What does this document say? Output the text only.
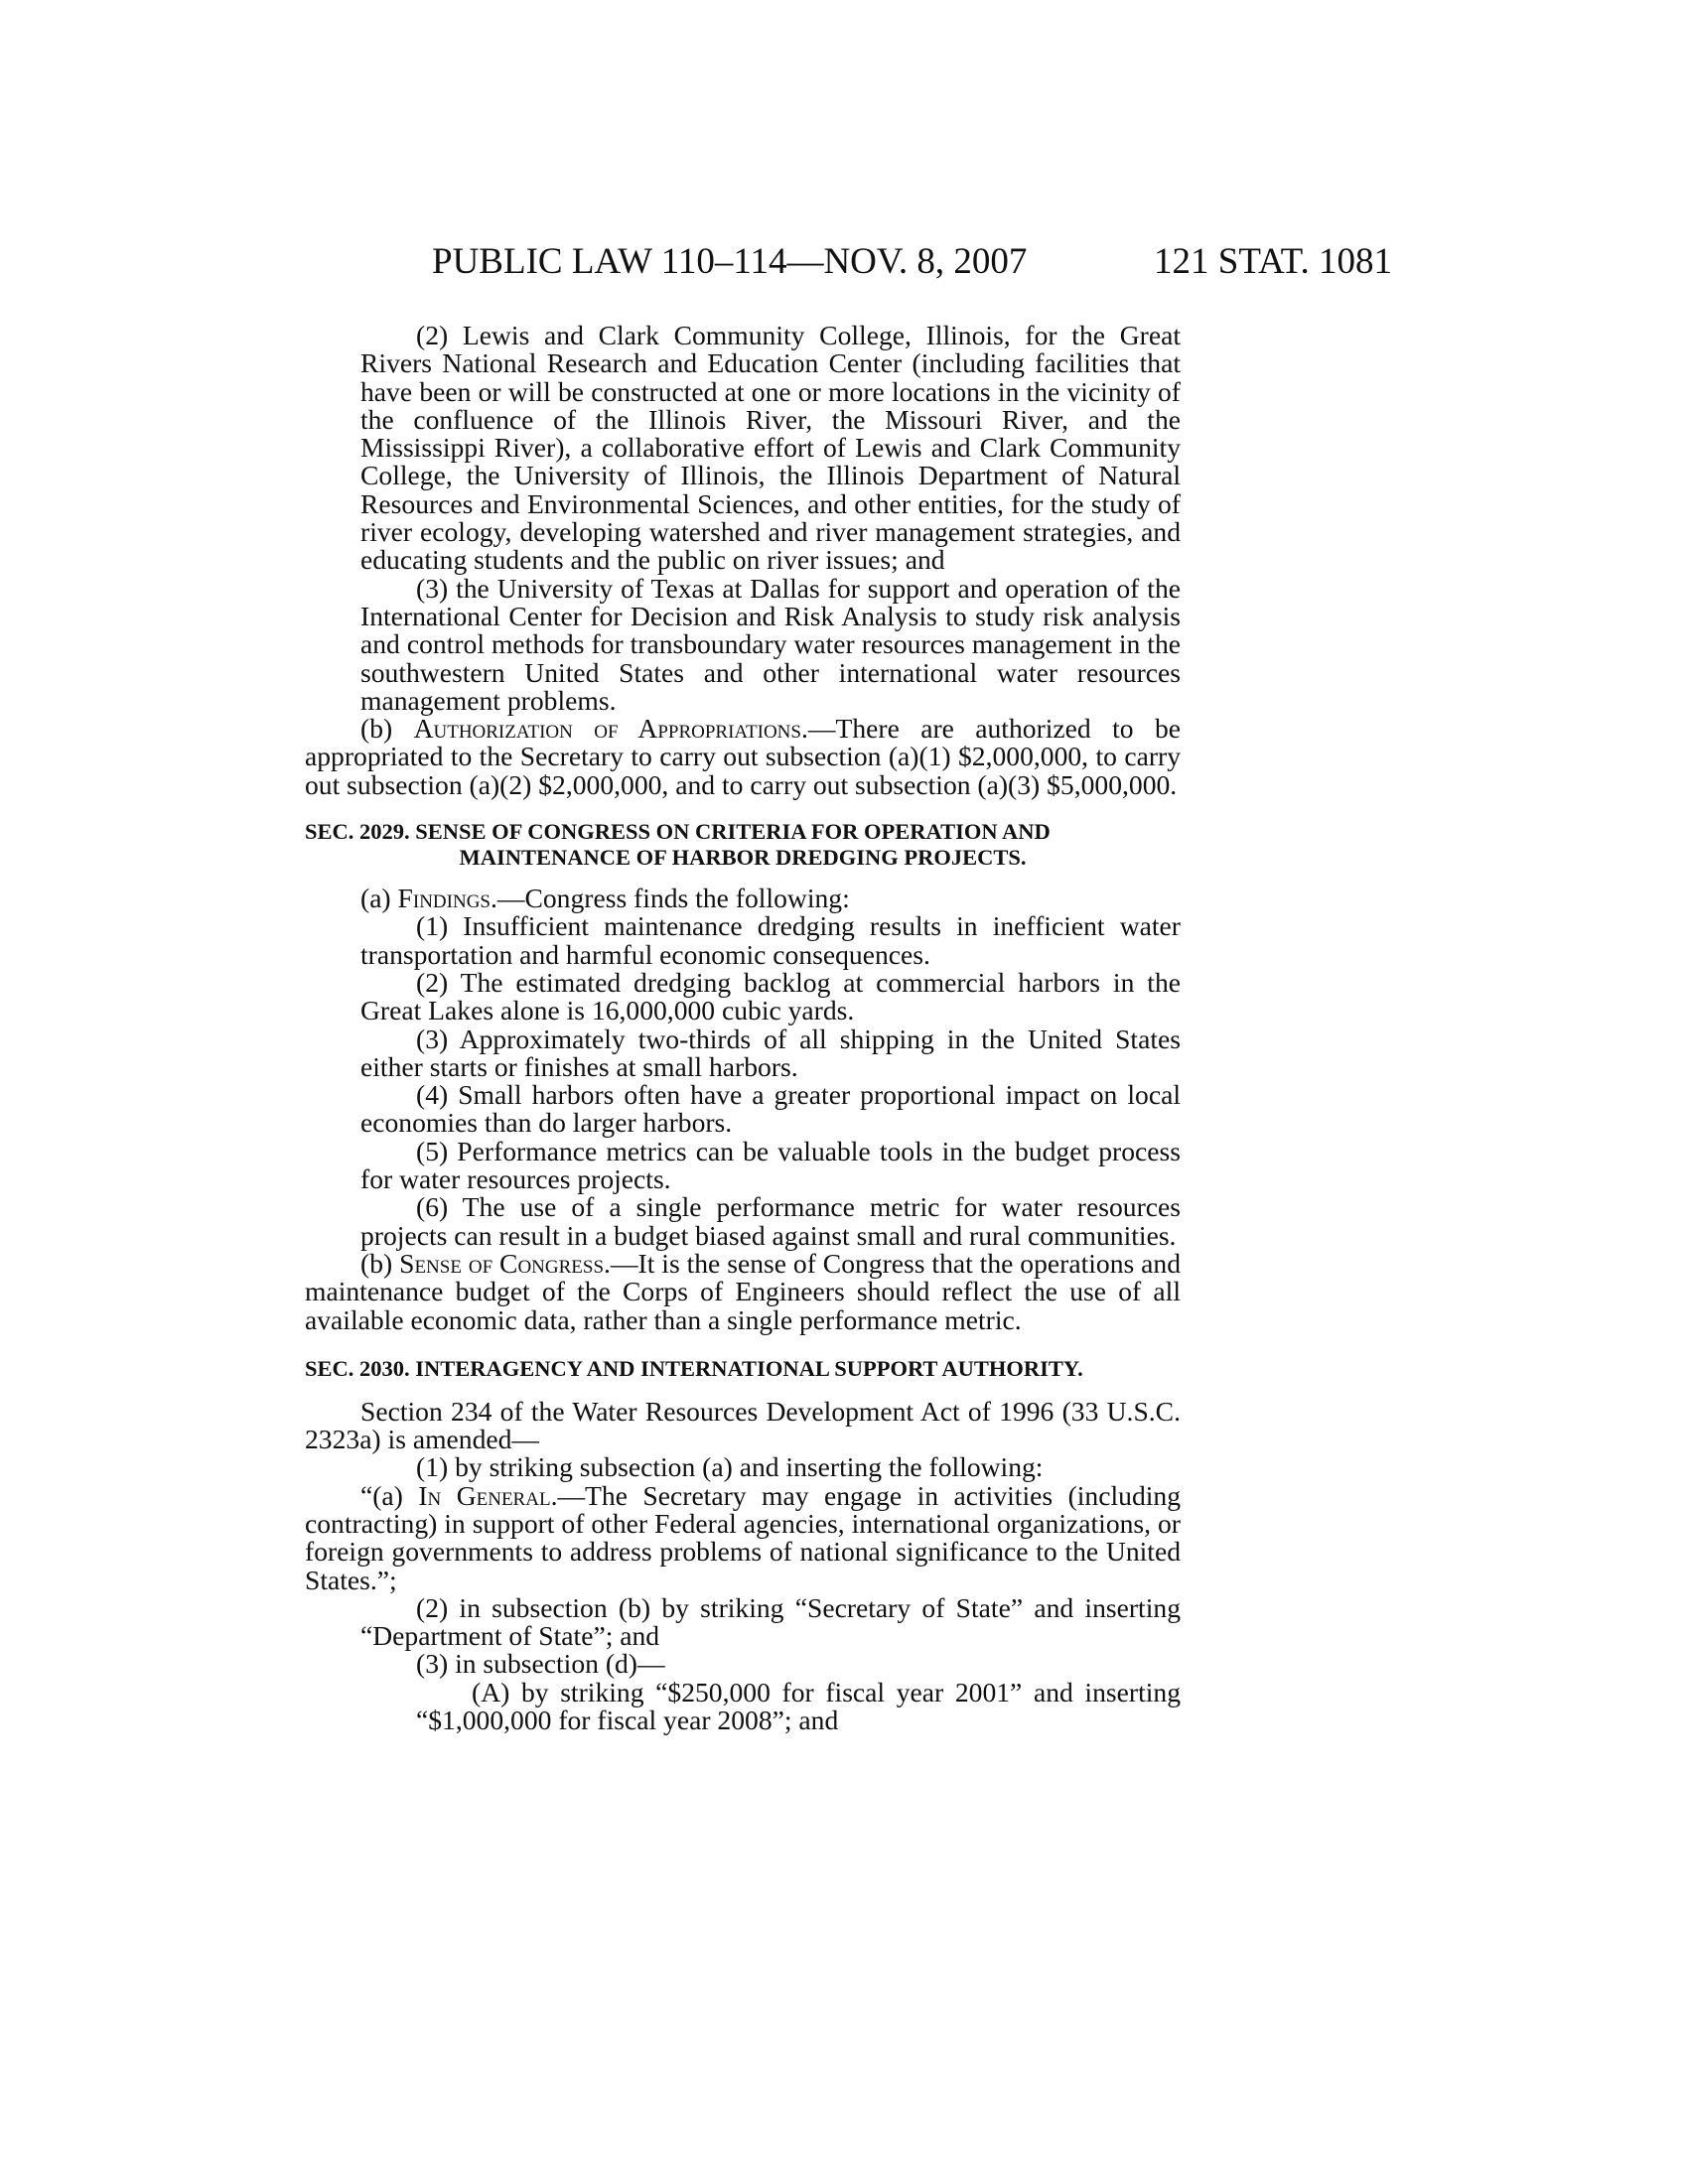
PUBLIC LAW 110–114—NOV. 8, 2007	121 STAT. 1081

(2) Lewis and Clark Community College, Illinois, for the Great Rivers National Research and Education Center (including facilities that have been or will be constructed at one or more locations in the vicinity of the confluence of the Illinois River, the Missouri River, and the Mississippi River), a collaborative effort of Lewis and Clark Community College, the University of Illinois, the Illinois Department of Natural Resources and Environmental Sciences, and other entities, for the study of river ecology, developing watershed and river management strategies, and educating students and the public on river issues; and

(3) the University of Texas at Dallas for support and operation of the International Center for Decision and Risk Analysis to study risk analysis and control methods for transboundary water resources management in the southwestern United States and other international water resources management problems.

(b) Authorization of Appropriations.—There are authorized to be appropriated to the Secretary to carry out subsection (a)(1) $2,000,000, to carry out subsection (a)(2) $2,000,000, and to carry out subsection (a)(3) $5,000,000.

SEC. 2029. SENSE OF CONGRESS ON CRITERIA FOR OPERATION AND
MAINTENANCE OF HARBOR DREDGING PROJECTS.

(a) Findings.—Congress finds the following:

(1) Insufficient maintenance dredging results in inefficient water transportation and harmful economic consequences.

(2) The estimated dredging backlog at commercial harbors in the Great Lakes alone is 16,000,000 cubic yards.

(3) Approximately two-thirds of all shipping in the United States either starts or finishes at small harbors.

(4) Small harbors often have a greater proportional impact on local economies than do larger harbors.

(5) Performance metrics can be valuable tools in the budget process for water resources projects.

(6) The use of a single performance metric for water resources projects can result in a budget biased against small and rural communities.

(b) Sense of Congress.—It is the sense of Congress that the operations and maintenance budget of the Corps of Engineers should reflect the use of all available economic data, rather than a single performance metric.

SEC. 2030. INTERAGENCY AND INTERNATIONAL SUPPORT AUTHORITY.

Section 234 of the Water Resources Development Act of 1996 (33 U.S.C. 2323a) is amended—

(1) by striking subsection (a) and inserting the following:

“(a) In General.—The Secretary may engage in activities (including contracting) in support of other Federal agencies, international organizations, or foreign governments to address problems of national significance to the United States.”;

(2) in subsection (b) by striking “Secretary of State” and inserting “Department of State”; and

(3) in subsection (d)—

(A) by striking “$250,000 for fiscal year 2001” and inserting “$1,000,000 for fiscal year 2008”; and
